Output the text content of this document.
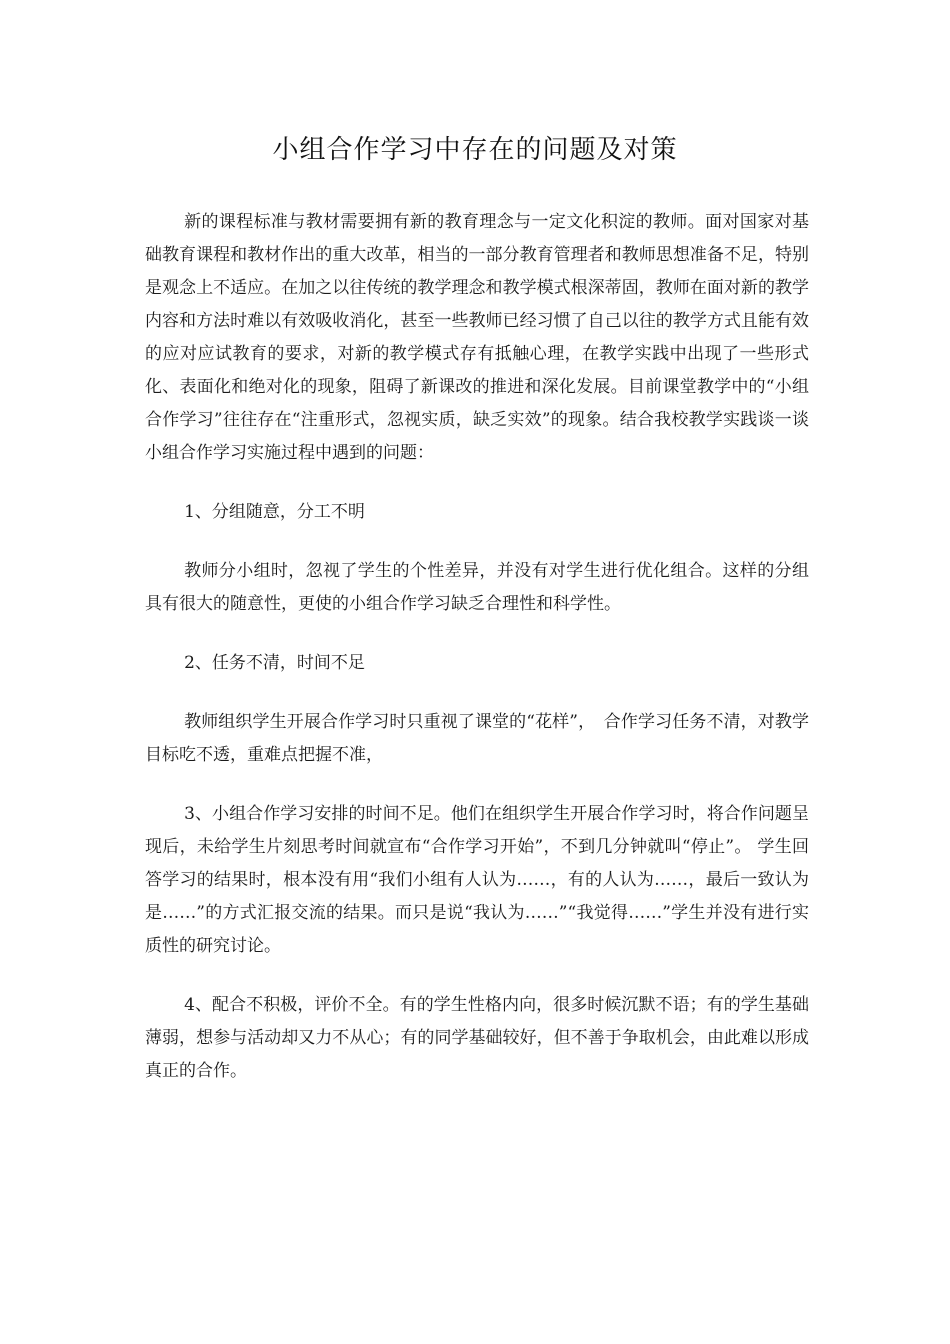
小组合作学习中存在的问题及对策

新的课程标准与教材需要拥有新的教育理念与一定文化积淀的教师。面对国家对基础教育课程和教材作出的重大改革，相当的一部分教育管理者和教师思想准备不足，特别是观念上不适应。在加之以往传统的教学理念和教学模式根深蒂固，教师在面对新的教学内容和方法时难以有效吸收消化，甚至一些教师已经习惯了自己以往的教学方式且能有效的应对应试教育的要求，对新的教学模式存有抵触心理，在教学实践中出现了一些形式化、表面化和绝对化的现象，阻碍了新课改的推进和深化发展。目前课堂教学中的“小组合作学习”往往存在“注重形式，忽视实质，缺乏实效”的现象。结合我校教学实践谈一谈小组合作学习实施过程中遇到的问题：

1、分组随意，分工不明

教师分小组时，忽视了学生的个性差异，并没有对学生进行优化组合。这样的分组具有很大的随意性，更使的小组合作学习缺乏合理性和科学性。

2、任务不清，时间不足

教师组织学生开展合作学习时只重视了课堂的“花样”，　合作学习任务不清，对教学目标吃不透，重难点把握不准，

3、小组合作学习安排的时间不足。他们在组织学生开展合作学习时，将合作问题呈现后，未给学生片刻思考时间就宣布“合作学习开始”，不到几分钟就叫“停止”。 学生回答学习的结果时，根本没有用“我们小组有人认为……，有的人认为……，最后一致认为是……”的方式汇报交流的结果。而只是说“我认为……”“我觉得……”学生并没有进行实质性的研究讨论。

4、配合不积极，评价不全。有的学生性格内向，很多时候沉默不语；有的学生基础薄弱，想参与活动却又力不从心；有的同学基础较好，但不善于争取机会，由此难以形成真正的合作。
